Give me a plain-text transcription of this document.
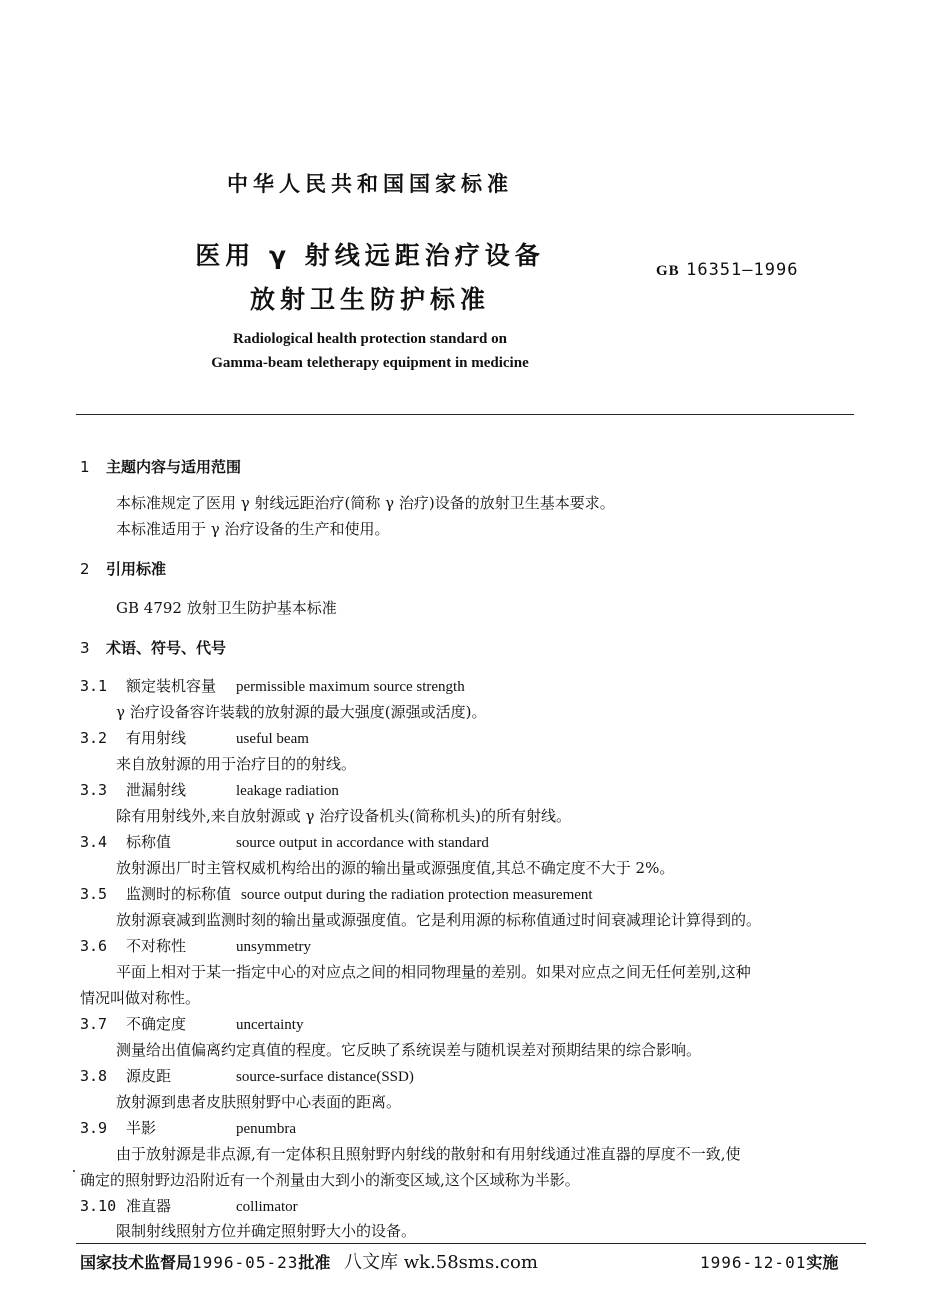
中华人民共和国国家标准
医用 γ 射线远距治疗设备
放射卫生防护标准
GB 16351—1996
Radiological health protection standard on
Gamma-beam teletherapy equipment in medicine
1 主题内容与适用范围
本标准规定了医用 γ 射线远距治疗(简称 γ 治疗)设备的放射卫生基本要求。
本标准适用于 γ 治疗设备的生产和使用。
2 引用标准
GB 4792 放射卫生防护基本标准
3 术语、符号、代号
3.1 额定装机容量 permissible maximum source strength
γ 治疗设备容许装载的放射源的最大强度(源强或活度)。
3.2 有用射线	useful beam
来自放射源的用于治疗目的的射线。
3.3 泄漏射线	leakage radiation
除有用射线外,来自放射源或 γ 治疗设备机头(简称机头)的所有射线。
3.4 标称值	source output in accordance with standard
放射源出厂时主管权威机构给出的源的输出量或源强度值,其总不确定度不大于 2%。
3.5 监测时的标称值 source output during the radiation protection measurement
放射源衰减到监测时刻的输出量或源强度值。它是利用源的标称值通过时间衰减理论计算得到的。
3.6 不对称性	unsymmetry
平面上相对于某一指定中心的对应点之间的相同物理量的差别。如果对应点之间无任何差别,这种
情况叫做对称性。
3.7 不确定度	uncertainty
测量给出值偏离约定真值的程度。它反映了系统误差与随机误差对预期结果的综合影响。
3.8 源皮距	source-surface distance(SSD)
放射源到患者皮肤照射野中心表面的距离。
3.9 半影	penumbra
由于放射源是非点源,有一定体积且照射野内射线的散射和有用射线通过准直器的厚度不一致,使
确定的照射野边沿附近有一个剂量由大到小的渐变区域,这个区域称为半影。
3.10 准直器	collimator
限制射线照射方位并确定照射野大小的设备。
国家技术监督局1996-05-23批准 八文库 wk.58sms.com	1996-12-01实施
